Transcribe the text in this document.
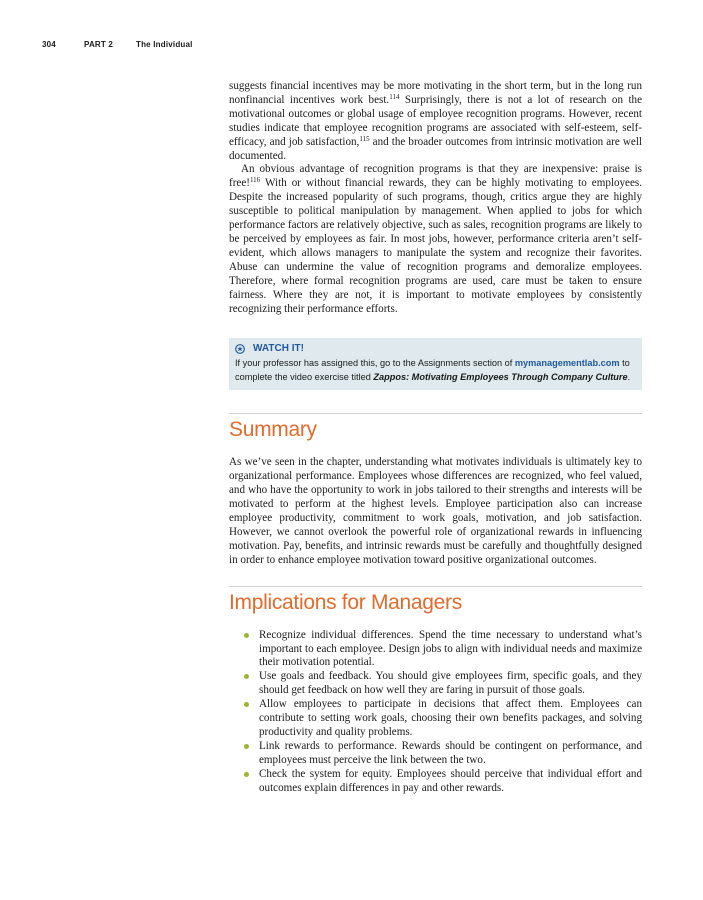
304	PART 2	The Individual

suggests financial incentives may be more motivating in the short term, but in the long run nonfinancial incentives work best.$^{114}$ Surprisingly, there is not a lot of research on the motivational outcomes or global usage of employee recognition programs. However, recent studies indicate that employee recognition programs are associated with self-esteem, self-efficacy, and job satisfaction,$^{115}$ and the broader outcomes from intrinsic motivation are well documented.

An obvious advantage of recognition programs is that they are inexpensive: praise is free!$^{116}$ With or without financial rewards, they can be highly motivating to employees. Despite the increased popularity of such programs, though, critics argue they are highly susceptible to political manipulation by management. When applied to jobs for which performance factors are relatively objective, such as sales, recognition programs are likely to be perceived by employees as fair. In most jobs, however, performance criteria aren’t self-evident, which allows managers to manipulate the system and recognize their favorites. Abuse can undermine the value of recognition programs and demoralize employees. Therefore, where formal recognition programs are used, care must be taken to ensure fairness. Where they are not, it is important to motivate employees by consistently recognizing their performance efforts.

WATCH IT!
If your professor has assigned this, go to the Assignments section of mymanagementlab.com to complete the video exercise titled Zappos: Motivating Employees Through Company Culture.
Summary

As we’ve seen in the chapter, understanding what motivates individuals is ultimately key to organizational performance. Employees whose differences are recognized, who feel valued, and who have the opportunity to work in jobs tailored to their strengths and interests will be motivated to perform at the highest levels. Employee participation also can increase employee productivity, commitment to work goals, motivation, and job satisfaction. However, we cannot overlook the powerful role of organizational rewards in influencing motivation. Pay, benefits, and intrinsic rewards must be carefully and thoughtfully designed in order to enhance employee motivation toward positive organizational outcomes.

Implications for Managers
Recognize individual differences. Spend the time necessary to understand what’s important to each employee. Design jobs to align with individual needs and maximize their motivation potential.
Use goals and feedback. You should give employees firm, specific goals, and they should get feedback on how well they are faring in pursuit of those goals.
Allow employees to participate in decisions that affect them. Employees can contribute to setting work goals, choosing their own benefits packages, and solving productivity and quality problems.
Link rewards to performance. Rewards should be contingent on performance, and employees must perceive the link between the two.
Check the system for equity. Employees should perceive that individual effort and outcomes explain differences in pay and other rewards.
